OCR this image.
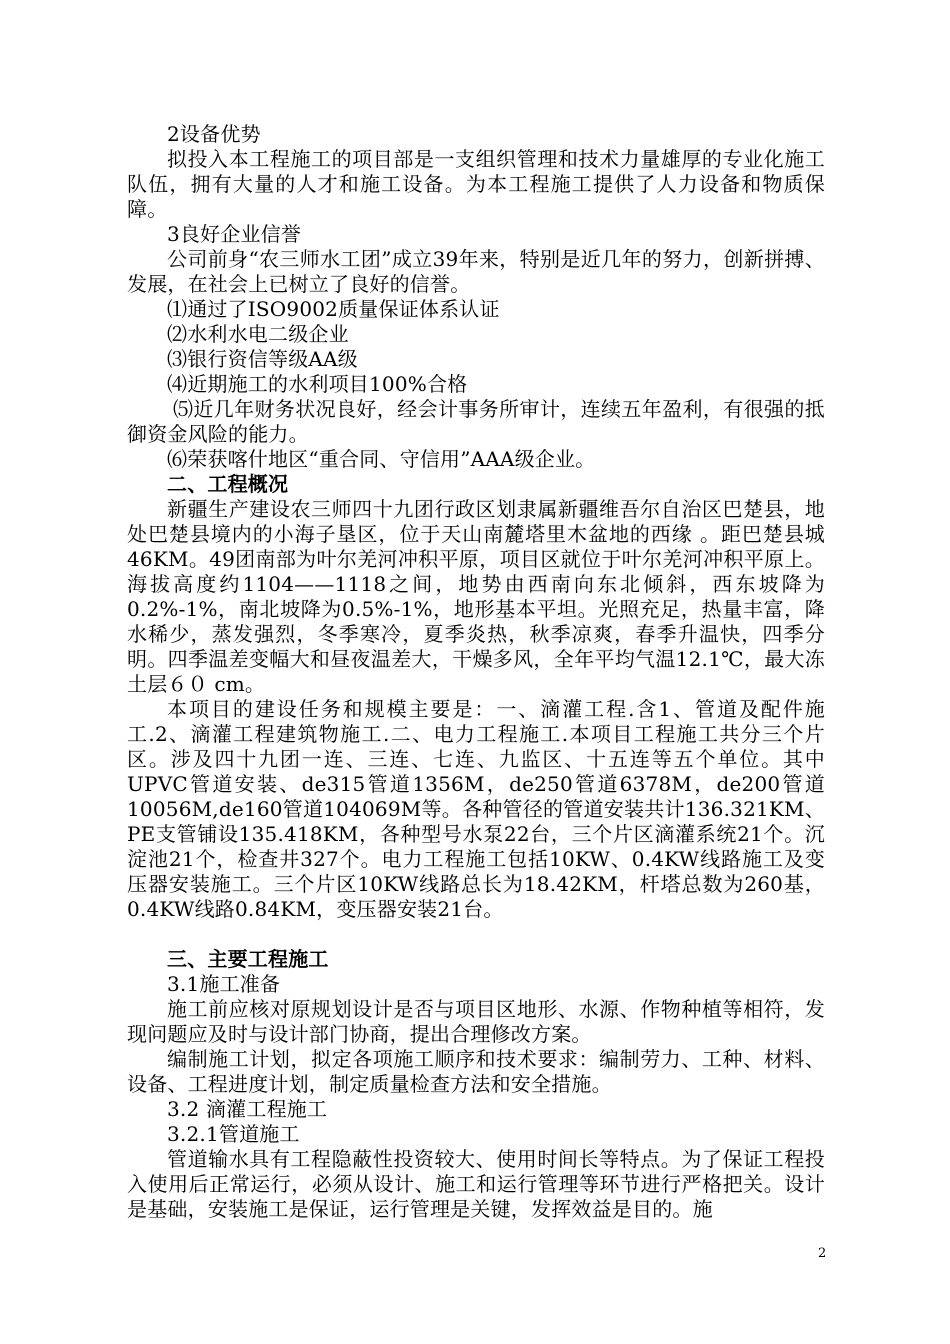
2设备优势

拟投入本工程施工的项目部是一支组织管理和技术力量雄厚的专业化施工队伍，拥有大量的人才和施工设备。为本工程施工提供了人力设备和物质保障。

3良好企业信誉

公司前身“农三师水工团”成立39年来，特别是近几年的努力，创新拼搏、发展，在社会上已树立了良好的信誉。

⑴通过了ISO9002质量保证体系认证

⑵水利水电二级企业

⑶银行资信等级AA级

⑷近期施工的水利项目100%合格

⑸近几年财务状况良好，经会计事务所审计，连续五年盈利，有很强的抵御资金风险的能力。

⑹荣获喀什地区“重合同、守信用”AAA级企业。

二、工程概况

新疆生产建设农三师四十九团行政区划隶属新疆维吾尔自治区巴楚县，地处巴楚县境内的小海子垦区，位于天山南麓塔里木盆地的西缘 。距巴楚县城46KM。49团南部为叶尔羌河冲积平原，项目区就位于叶尔羌河冲积平原上。海拔高度约1104——1118之间，地势由西南向东北倾斜，西东坡降为0.2%-1%，南北坡降为0.5%-1%，地形基本平坦。光照充足，热量丰富，降水稀少，蒸发强烈，冬季寒冷，夏季炎热，秋季凉爽，春季升温快，四季分明。四季温差变幅大和昼夜温差大，干燥多风，全年平均气温12.1℃，最大冻土层６０ cm。

本项目的建设任务和规模主要是：一、滴灌工程.含1、管道及配件施工.2、滴灌工程建筑物施工.二、电力工程施工.本项目工程施工共分三个片区。涉及四十九团一连、三连、七连、九监区、十五连等五个单位。其中UPVC管道安装、de315管道1356M，de250管道6378M，de200管道10056M,de160管道104069M等。各种管径的管道安装共计136.321KM、PE支管铺设135.418KM，各种型号水泵22台，三个片区滴灌系统21个。沉淀池21个，检查井327个。电力工程施工包括10KW、0.4KW线路施工及变压器安装施工。三个片区10KW线路总长为18.42KM，杆塔总数为260基，0.4KW线路0.84KM，变压器安装21台。

三、主要工程施工

3.1施工准备

施工前应核对原规划设计是否与项目区地形、水源、作物种植等相符，发现问题应及时与设计部门协商，提出合理修改方案。

编制施工计划，拟定各项施工顺序和技术要求：编制劳力、工种、材料、设备、工程进度计划，制定质量检查方法和安全措施。

3.2 滴灌工程施工

3.2.1管道施工

管道输水具有工程隐蔽性投资较大、使用时间长等特点。为了保证工程投入使用后正常运行，必须从设计、施工和运行管理等环节进行严格把关。设计是基础，安装施工是保证，运行管理是关键，发挥效益是目的。施

2
